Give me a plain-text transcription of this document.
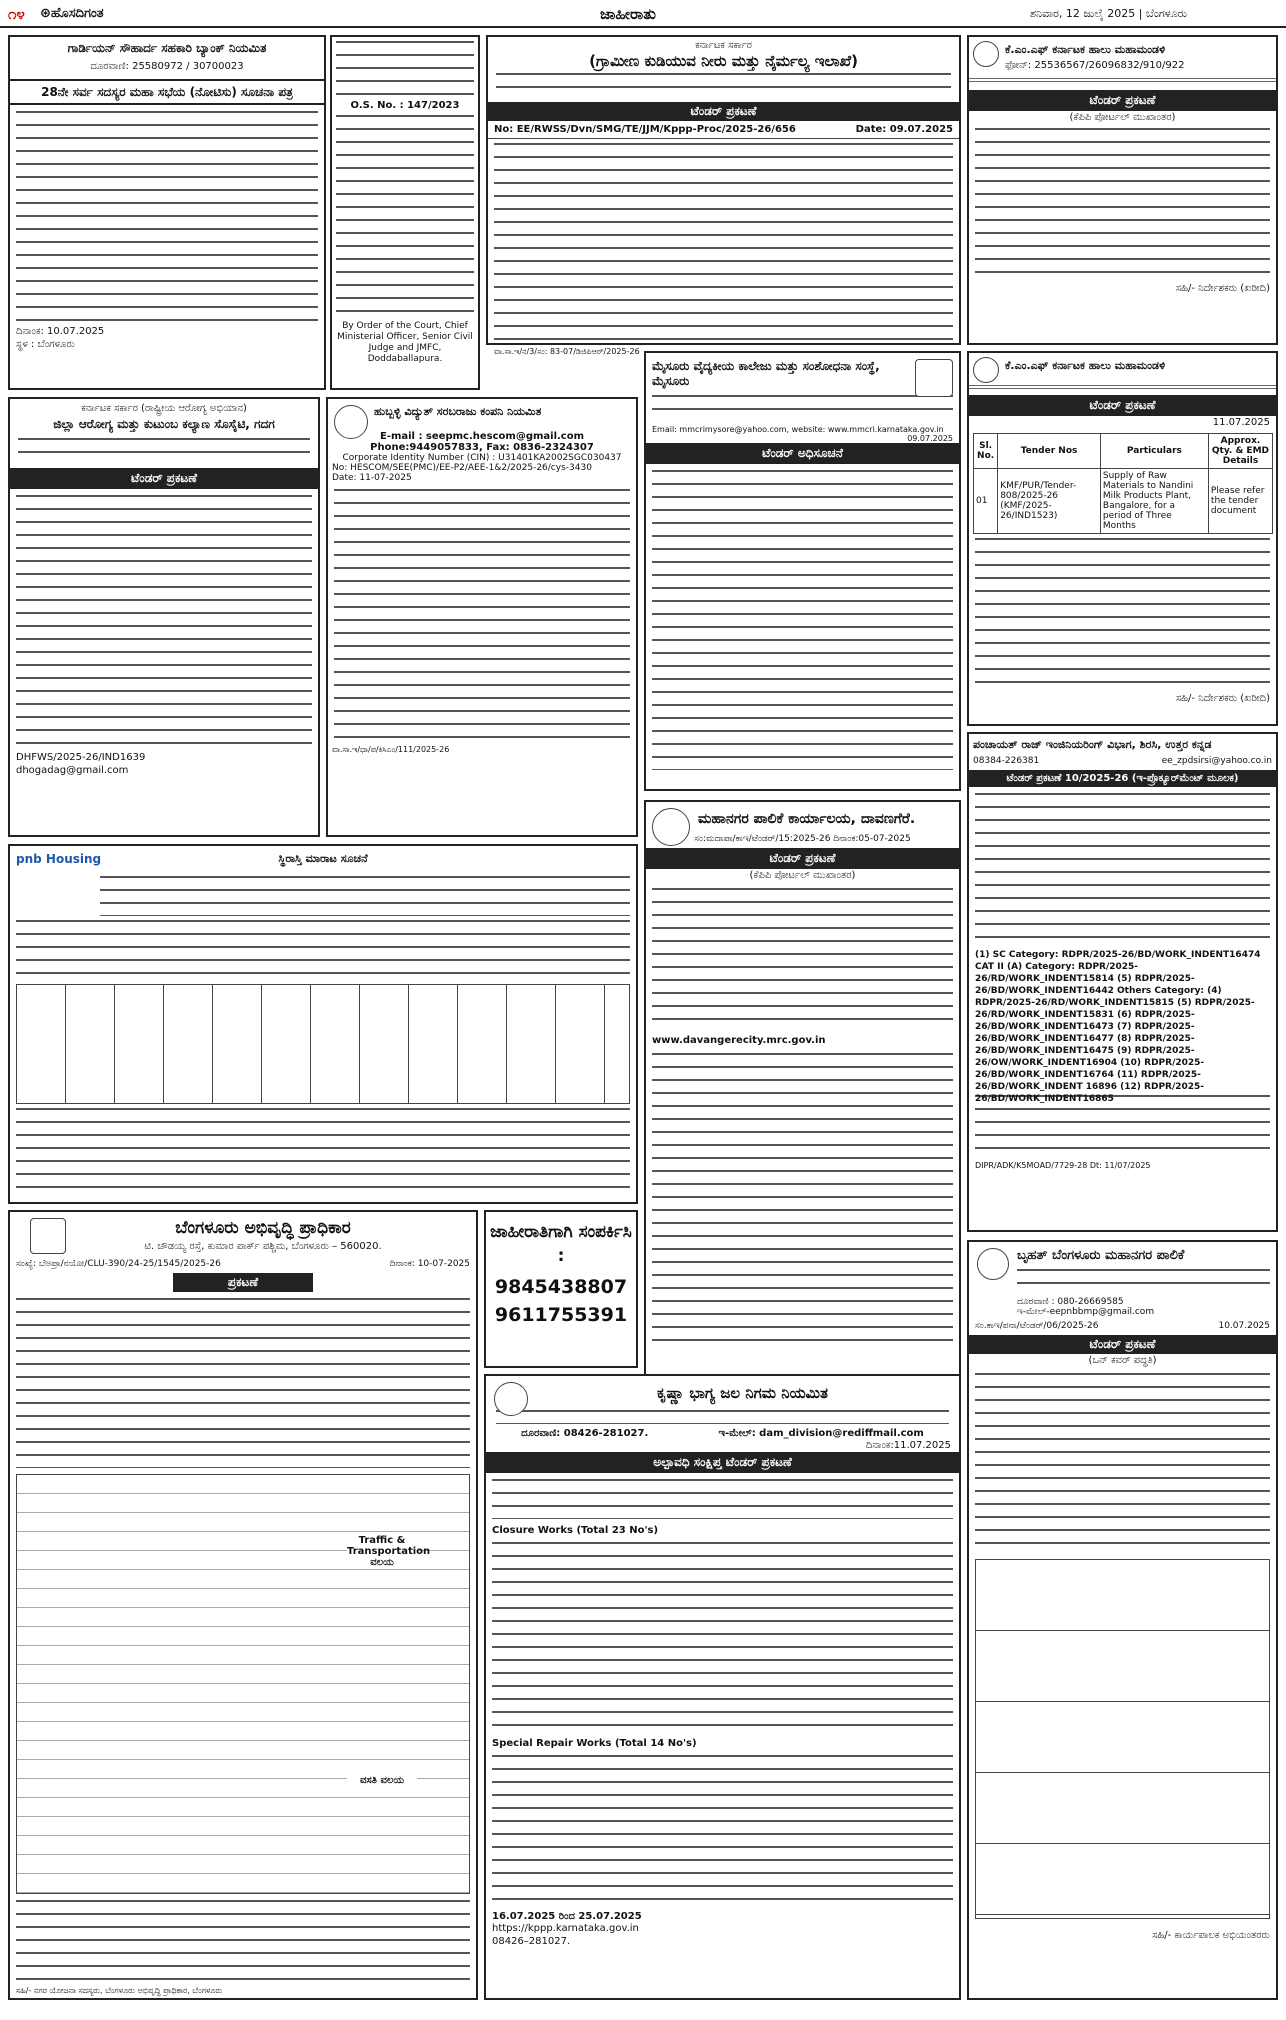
೧೪ ⊛ಹೊಸದಿಗಂತ	ಜಾಹೀರಾತು	ಶನಿವಾರ, 12 ಜುಲೈ 2025 | ಬೆಂಗಳೂರು
ಗಾರ್ಡಿಯನ್ ಸೌಹಾರ್ದ ಸಹಕಾರಿ ಬ್ಯಾಂಕ್ ನಿಯಮಿತ
ದೂರವಾಣಿ: 25580972 / 30700023
28ನೇ ಸರ್ವ ಸದಸ್ಯರ ಮಹಾ ಸಭೆಯ (ನೋಟಿಸು) ಸೂಚನಾ ಪತ್ರ
ದಿನಾಂಕ: 10.07.2025
ಸ್ಥಳ : ಬೆಂಗಳೂರು
O.S. No. : 147/2023
By Order of the Court, Chief Ministerial Officer, Senior Civil Judge and JMFC, Doddaballapura.
ಕರ್ನಾಟಕ ಸರ್ಕಾರ
(ಗ್ರಾಮೀಣ ಕುಡಿಯುವ ನೀರು ಮತ್ತು ನೈರ್ಮಲ್ಯ ಇಲಾಖೆ)
ಟೆಂಡರ್ ಪ್ರಕಟಣೆ
No: EE/RWSS/Dvn/SMG/TE/JJM/Kppp-Proc/2025-26/656	Date: 09.07.2025
ವಾ.ಸಾ.ಇ/ನ/3/ಸಂ: 83-07/ಡಿಜಿಪಿಆರ್/2025-26
ಕೆ.ಎಂ.ಎಫ್ ಕರ್ನಾಟಕ ಹಾಲು ಮಹಾಮಂಡಳಿ
ಫೋನ್: 25536567/26096832/910/922
ಟೆಂಡರ್ ಪ್ರಕಟಣೆ
(ಕೆಪಿಪಿ ಪೋರ್ಟಲ್ ಮುಖಾಂತರ)
ಸಹಿ/- ನಿರ್ದೇಶಕರು (ಖರೀದಿ)
ಕೆ.ಎಂ.ಎಫ್ ಕರ್ನಾಟಕ ಹಾಲು ಮಹಾಮಂಡಳಿ
ಟೆಂಡರ್ ಪ್ರಕಟಣೆ
11.07.2025
Sl. No.	Tender Nos	Particulars	Approx. Qty. & EMD Details
01	KMF/PUR/Tender-808/2025-26 (KMF/2025-26/IND1523)	Supply of Raw Materials to Nandini Milk Products Plant, Bangalore, for a period of Three Months	Please refer the tender document
ಸಹಿ/- ನಿರ್ದೇಶಕರು (ಖರೀದಿ)
ಕರ್ನಾಟಕ ಸರ್ಕಾರ (ರಾಷ್ಟ್ರೀಯ ಆರೋಗ್ಯ ಅಭಿಯಾನ)
ಜಿಲ್ಲಾ ಆರೋಗ್ಯ ಮತ್ತು ಕುಟುಂಬ ಕಲ್ಯಾಣ ಸೊಸೈಟಿ, ಗದಗ
ಟೆಂಡರ್ ಪ್ರಕಟಣೆ
DHFWS/2025-26/IND1639
dhogadag@gmail.com
ಹುಬ್ಬಳ್ಳಿ ವಿದ್ಯುತ್ ಸರಬರಾಜು ಕಂಪನಿ ನಿಯಮಿತ
E-mail : seepmc.hescom@gmail.com
Phone:9449057833, Fax: 0836-2324307
Corporate Identity Number (CIN) : U31401KA2002SGC030437
No: HESCOM/SEE(PMC)/EE-P2/AEE-1&2/2025-26/cys-3430
Date: 11-07-2025
ವಾ.ಸಾ.ಇ/ಧಾ/ಪ/ಕಿಸಿಎಂ/111/2025-26
ಮೈಸೂರು ವೈದ್ಯಕೀಯ ಕಾಲೇಜು ಮತ್ತು ಸಂಶೋಧನಾ ಸಂಸ್ಥೆ, ಮೈಸೂರು
Email: mmcrimysore@yahoo.com, website: www.mmcri.karnataka.gov.in
09.07.2025
ಟೆಂಡರ್ ಅಧಿಸೂಚನೆ
pnb Housing	ಸ್ಥಿರಾಸ್ತಿ ಮಾರಾಟ ಸೂಚನೆ
ಮಹಾನಗರ ಪಾಲಿಕೆ ಕಾರ್ಯಾಲಯ, ದಾವಣಗೆರೆ.
ಸಂ:ಮದಾಪಾ/ಕಾಇ/ಟೆಂಡರ್/15:2025-26 ದಿನಾಂಕ:05-07-2025
ಟೆಂಡರ್ ಪ್ರಕಟಣೆ
(ಕೆಪಿಪಿ ಪೋರ್ಟಲ್ ಮುಖಾಂತರ)
www.davangerecity.mrc.gov.in
ಪಂಚಾಯತ್ ರಾಜ್ ಇಂಜಿನಿಯರಿಂಗ್ ವಿಭಾಗ, ಶಿರಸಿ, ಉತ್ತರ ಕನ್ನಡ
08384-226381	ee_zpdsirsi@yahoo.co.in
ಟೆಂಡರ್ ಪ್ರಕಟಣೆ 10/2025-26 (ಇ-ಪ್ರೊಕ್ಯೂರ್‌ಮೆಂಟ್ ಮೂಲಕ)
(1) SC Category: RDPR/2025-26/BD/WORK_INDENT16474 CAT II (A) Category: RDPR/2025-26/RD/WORK_INDENT15814 (5) RDPR/2025-26/BD/WORK_INDENT16442 Others Category: (4) RDPR/2025-26/RD/WORK_INDENT15815 (5) RDPR/2025-26/RD/WORK_INDENT15831 (6) RDPR/2025-26/BD/WORK_INDENT16473 (7) RDPR/2025-26/BD/WORK_INDENT16477 (8) RDPR/2025-26/BD/WORK_INDENT16475 (9) RDPR/2025-26/OW/WORK_INDENT16904 (10) RDPR/2025-26/BD/WORK_INDENT16764 (11) RDPR/2025-26/BD/WORK_INDENT 16896 (12) RDPR/2025-26/BD/WORK_INDENT16865
DIPR/ADK/K5MOAD/7729-28 Dt: 11/07/2025
ಬೆಂಗಳೂರು ಅಭಿವೃದ್ಧಿ ಪ್ರಾಧಿಕಾರ
ಟಿ. ಚೌಡಯ್ಯ ರಸ್ತೆ, ಕುಮಾರ ಪಾರ್ಕ್ ಪಶ್ಚಿಮ, ಬೆಂಗಳೂರು – 560020.
ಸಂಖ್ಯೆ: ಬೆಅಪ್ರಾ/ನಯೋ/CLU-390/24-25/1545/2025-26	ದಿನಾಂಕ: 10-07-2025
ಪ್ರಕಟಣೆ
Traffic & Transportation ವಲಯ
ವಸತಿ ವಲಯ
ಸಹಿ/- ನಗರ ಯೋಜನಾ ಸದಸ್ಯರು, ಬೆಂಗಳೂರು ಅಭಿವೃದ್ಧಿ ಪ್ರಾಧಿಕಾರ, ಬೆಂಗಳೂರು
ಜಾಹೀರಾತಿಗಾಗಿ ಸಂಪರ್ಕಿಸಿ :
9845438807
9611755391
ಕೃಷ್ಣಾ ಭಾಗ್ಯ ಜಲ ನಿಗಮ ನಿಯಮಿತ
ದೂರವಾಣಿ: 08426-281027.	ಇ-ಮೇಲ್: dam_division@rediffmail.com
ದಿನಾಂಕ:11.07.2025
ಅಲ್ಪಾವಧಿ ಸಂಕ್ಷಿಪ್ತ ಟೆಂಡರ್ ಪ್ರಕಟಣೆ
Closure Works (Total 23 No's)
Special Repair Works (Total 14 No's)
16.07.2025 ರಿಂದ 25.07.2025
https://kppp.karnataka.gov.in
08426–281027.
ಬೃಹತ್ ಬೆಂಗಳೂರು ಮಹಾನಗರ ಪಾಲಿಕೆ
ದೂರವಾಣಿ : 080-26669585
ಇ-ಮೇಲ್-eepnbbmp@gmail.com
ಸಂ.ಕಾಇ/ಪನಾ/ಟೆಂಡರ್/06/2025-26	10.07.2025
ಟೆಂಡರ್ ಪ್ರಕಟಣೆ
(ಒನ್ ಕವರ್ ಪದ್ಧತಿ)
ಸಹಿ/- ಕಾರ್ಯಪಾಲಕ ಅಭಿಯಂತರರು
